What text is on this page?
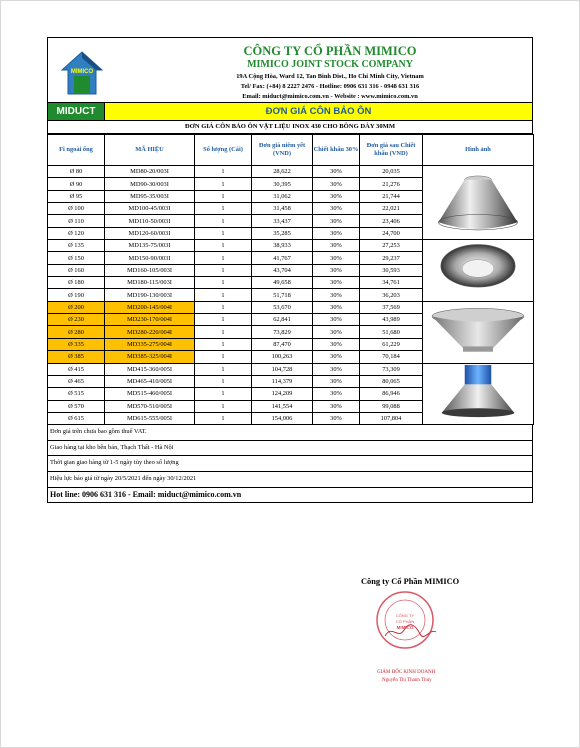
MIMICO
CÔNG TY CỔ PHẦN MIMICO
MIMICO JOINT STOCK COMPANY
19A Cộng Hòa, Ward 12, Tan Binh Dist., Ho Chi Minh City, Vietnam
Tel/ Fax: (+84) 8 2227 2476 - Hotline: 0906 631 316 - 0948 631 316
Email: miduct@mimico.com.vn - Website : www.mimico.com.vn
MIDUCT	ĐƠN GIÁ CÔN BẢO ÔN
ĐƠN GIÁ CÔN BẢO ÔN VẬT LIỆU INOX 430 CHO BÔNG DÀY 30MM
Fi ngoài ống	MÃ HIỆU	Số lượng (Cái)	Đơn giá niêm yết (VND)	Chiết khấu 30%	Đơn giá sau Chiết khấu (VND)	Hình ảnh
Ø 80	MD80-20/003I	1	28,622	30%	20,035	
Ø 90	MD90-30/003I	1	30,395	30%	21,276	
Ø 95	MD95-35/003I	1	31,062	30%	21,744	
Ø 100	MD100-45/003I	1	31,458	30%	22,021	
Ø 110	MD110-50/003I	1	33,437	30%	23,406	
Ø 120	MD120-60/003I	1	35,285	30%	24,700	
Ø 135	MD135-75/003I	1	38,933	30%	27,253	
Ø 150	MD150-90/003I	1	41,767	30%	29,237	
Ø 160	MD160-105/003I	1	43,704	30%	30,593	
Ø 180	MD180-115/003I	1	49,658	30%	34,761	
Ø 190	MD190-130/003I	1	51,718	30%	36,203	
Ø 200	MD200-145/004I	1	53,670	30%	37,569	
Ø 230	MD230-170/004I	1	62,841	30%	43,989	
Ø 280	MD280-220/004I	1	73,829	30%	51,680	
Ø 335	MD335-275/004I	1	87,470	30%	61,229	
Ø 385	MD385-325/004I	1	100,263	30%	70,184	
Ø 415	MD415-360/005I	1	104,728	30%	73,309	
Ø 465	MD465-410/005I	1	114,379	30%	80,065	
Ø 515	MD515-460/005I	1	124,209	30%	86,946	
Ø 570	MD570-510/005I	1	141,554	30%	99,088	
Ø 615	MD615-555/005I	1	154,006	30%	107,804	
Đơn giá trên chưa bao gồm thuế VAT.
Giao hàng tại kho bên bán, Thạch Thất - Hà Nội
Thời gian giao hàng từ 1-5 ngày tùy theo số lượng
Hiệu lực báo giá từ ngày 20/5/2021 đến ngày 30/12/2021
Hot line: 0906 631 316 - Email: miduct@mimico.com.vn
Công ty Cổ Phần MIMICO
CÔNG TY
CỔ PHẦN
MIMICO
GIÁM ĐỐC KINH DOANH
Nguyễn Thị Thanh Thủy
